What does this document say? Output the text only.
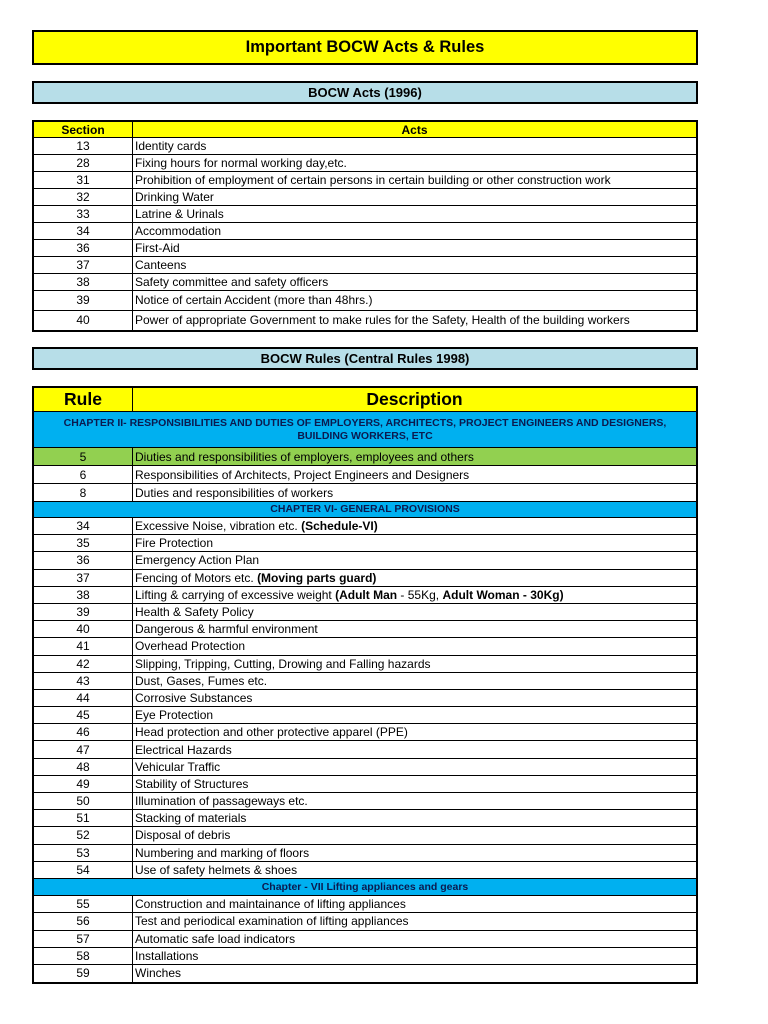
Important BOCW Acts & Rules
BOCW Acts (1996)
Section	Acts
13	Identity cards
28	Fixing hours for normal working day,etc.
31	Prohibition of employment of certain persons in certain building or other construction work
32	Drinking Water
33	Latrine & Urinals
34	Accommodation
36	First-Aid
37	Canteens
38	Safety committee and safety officers
39	Notice of certain Accident (more than 48hrs.)
40	Power of appropriate Government to make rules for the Safety, Health of the building workers
BOCW Rules (Central Rules 1998)
Rule	Description
CHAPTER II- RESPONSIBILITIES AND DUTIES OF EMPLOYERS, ARCHITECTS, PROJECT ENGINEERS AND DESIGNERS, BUILDING WORKERS, ETC
5	Diuties and responsibilities of employers, employees and others
6	Responsibilities of Architects, Project Engineers and Designers
8	Duties and responsibilities of workers
CHAPTER VI- GENERAL PROVISIONS
34	Excessive Noise, vibration etc. (Schedule-VI)
35	Fire Protection
36	Emergency Action Plan
37	Fencing of Motors etc. (Moving parts guard)
38	Lifting & carrying of excessive weight (Adult Man - 55Kg, Adult Woman - 30Kg)
39	Health & Safety Policy
40	Dangerous & harmful environment
41	Overhead Protection
42	Slipping, Tripping, Cutting, Drowing and Falling hazards
43	Dust, Gases, Fumes etc.
44	Corrosive Substances
45	Eye Protection
46	Head protection and other protective apparel (PPE)
47	Electrical Hazards
48	Vehicular Traffic
49	Stability of Structures
50	Illumination of passageways etc.
51	Stacking of materials
52	Disposal of debris
53	Numbering and marking of floors
54	Use of safety helmets & shoes
Chapter - VII Lifting appliances and gears
55	Construction and maintainance of lifting appliances
56	Test and periodical examination of lifting appliances
57	Automatic safe load indicators
58	Installations
59	Winches
